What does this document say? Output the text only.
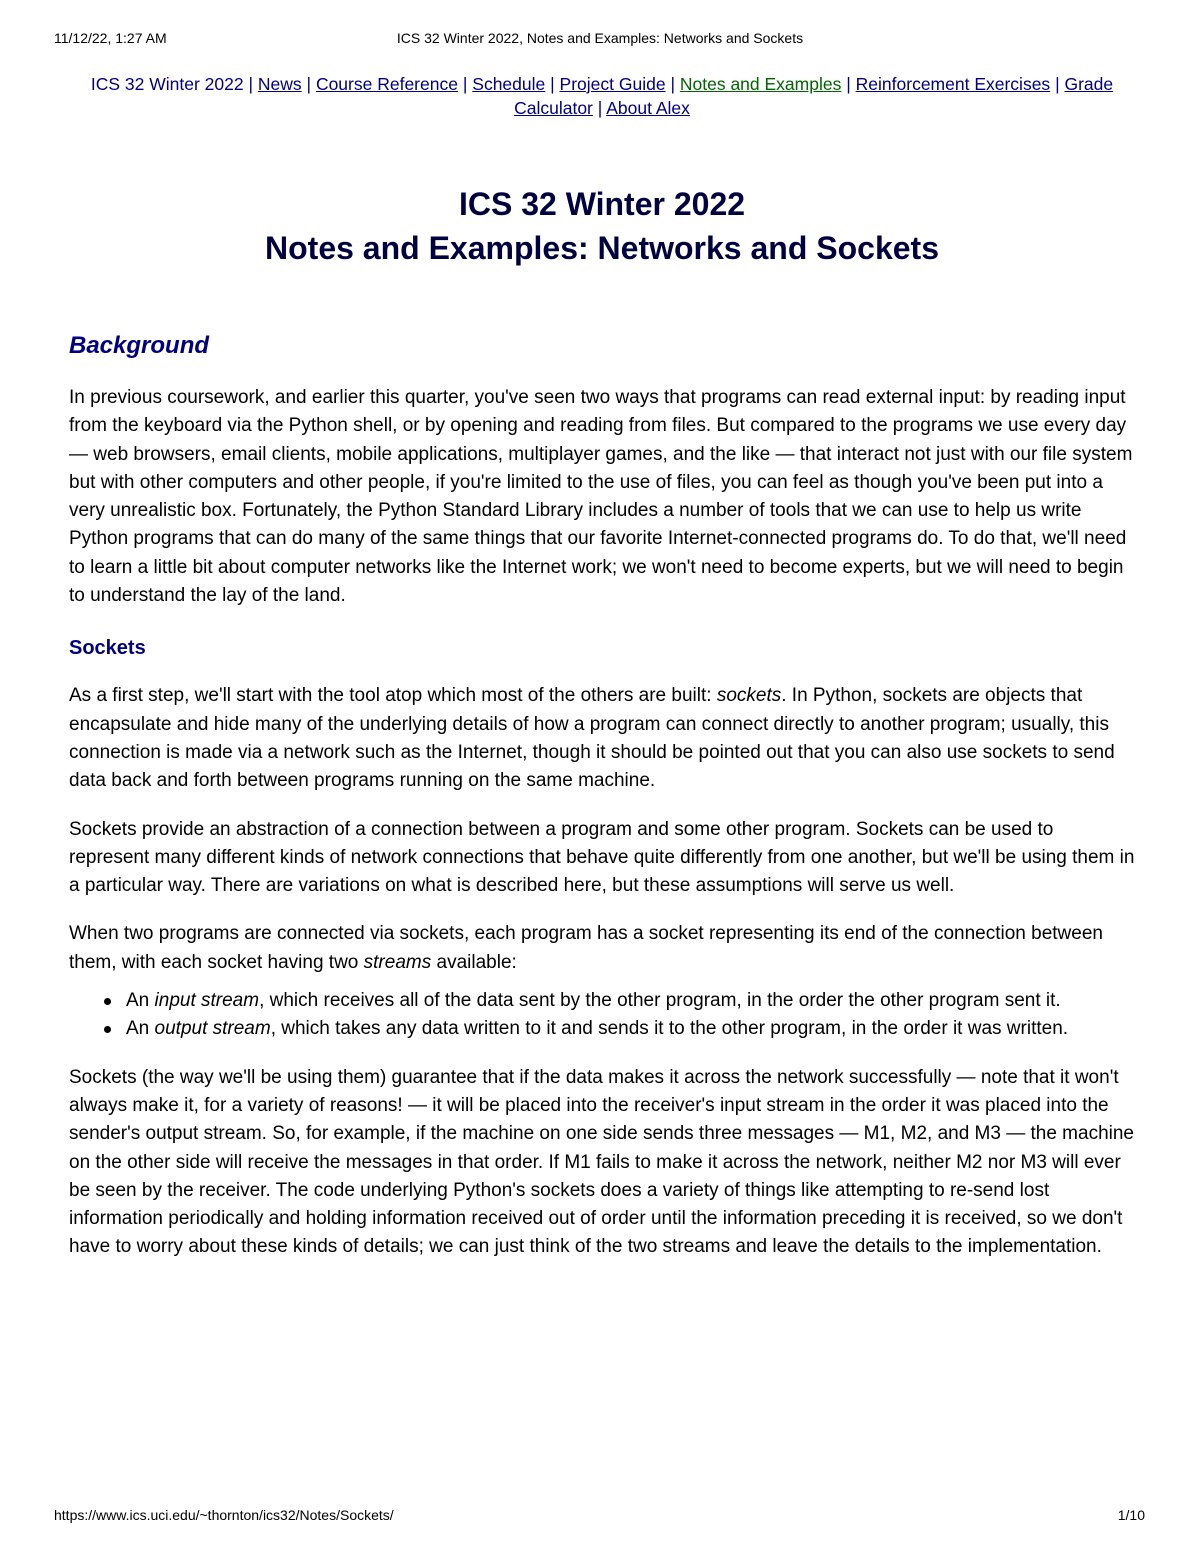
11/12/22, 1:27 AM	ICS 32 Winter 2022, Notes and Examples: Networks and Sockets
ICS 32 Winter 2022 | News | Course Reference | Schedule | Project Guide | Notes and Examples | Reinforcement Exercises | Grade Calculator | About Alex
ICS 32 Winter 2022
Notes and Examples: Networks and Sockets
Background

In previous coursework, and earlier this quarter, you've seen two ways that programs can read external input: by reading input from the keyboard via the Python shell, or by opening and reading from files. But compared to the programs we use every day — web browsers, email clients, mobile applications, multiplayer games, and the like — that interact not just with our file system but with other computers and other people, if you're limited to the use of files, you can feel as though you've been put into a very unrealistic box. Fortunately, the Python Standard Library includes a number of tools that we can use to help us write Python programs that can do many of the same things that our favorite Internet-connected programs do. To do that, we'll need to learn a little bit about computer networks like the Internet work; we won't need to become experts, but we will need to begin to understand the lay of the land.

Sockets

As a first step, we'll start with the tool atop which most of the others are built: sockets. In Python, sockets are objects that encapsulate and hide many of the underlying details of how a program can connect directly to another program; usually, this connection is made via a network such as the Internet, though it should be pointed out that you can also use sockets to send data back and forth between programs running on the same machine.

Sockets provide an abstraction of a connection between a program and some other program. Sockets can be used to represent many different kinds of network connections that behave quite differently from one another, but we'll be using them in a particular way. There are variations on what is described here, but these assumptions will serve us well.

When two programs are connected via sockets, each program has a socket representing its end of the connection between them, with each socket having two streams available:

An input stream, which receives all of the data sent by the other program, in the order the other program sent it.
An output stream, which takes any data written to it and sends it to the other program, in the order it was written.

Sockets (the way we'll be using them) guarantee that if the data makes it across the network successfully — note that it won't always make it, for a variety of reasons! — it will be placed into the receiver's input stream in the order it was placed into the sender's output stream. So, for example, if the machine on one side sends three messages — M1, M2, and M3 — the machine on the other side will receive the messages in that order. If M1 fails to make it across the network, neither M2 nor M3 will ever be seen by the receiver. The code underlying Python's sockets does a variety of things like attempting to re-send lost information periodically and holding information received out of order until the information preceding it is received, so we don't have to worry about these kinds of details; we can just think of the two streams and leave the details to the implementation.

https://www.ics.uci.edu/~thornton/ics32/Notes/Sockets/	1/10
